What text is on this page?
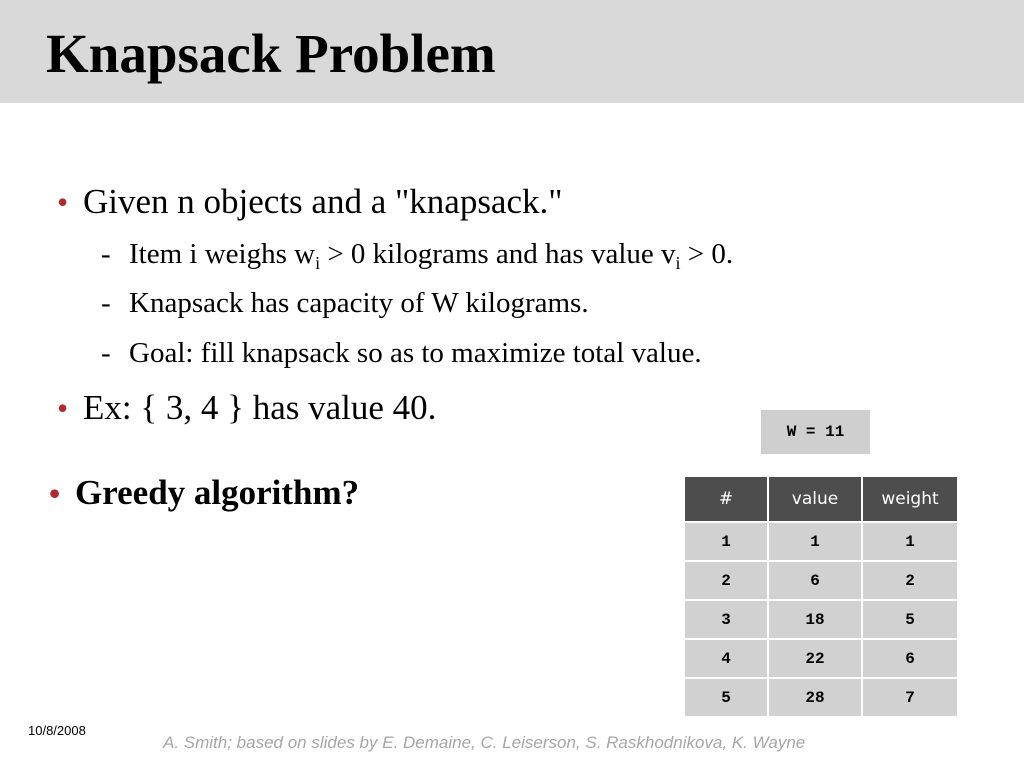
Knapsack Problem
• Given n objects and a "knapsack."
- Item i weighs $w_i > 0$ kilograms and has value $v_i > 0$.
- Knapsack has capacity of W kilograms.
- Goal: fill knapsack so as to maximize total value.
• Ex: { 3, 4 } has value 40.
• Greedy algorithm?
W = 11
#	value	weight
1	1	1
2	6	2
3	18	5
4	22	6
5	28	7
10/8/2008
A. Smith; based on slides by E. Demaine, C. Leiserson, S. Raskhodnikova, K. Wayne
